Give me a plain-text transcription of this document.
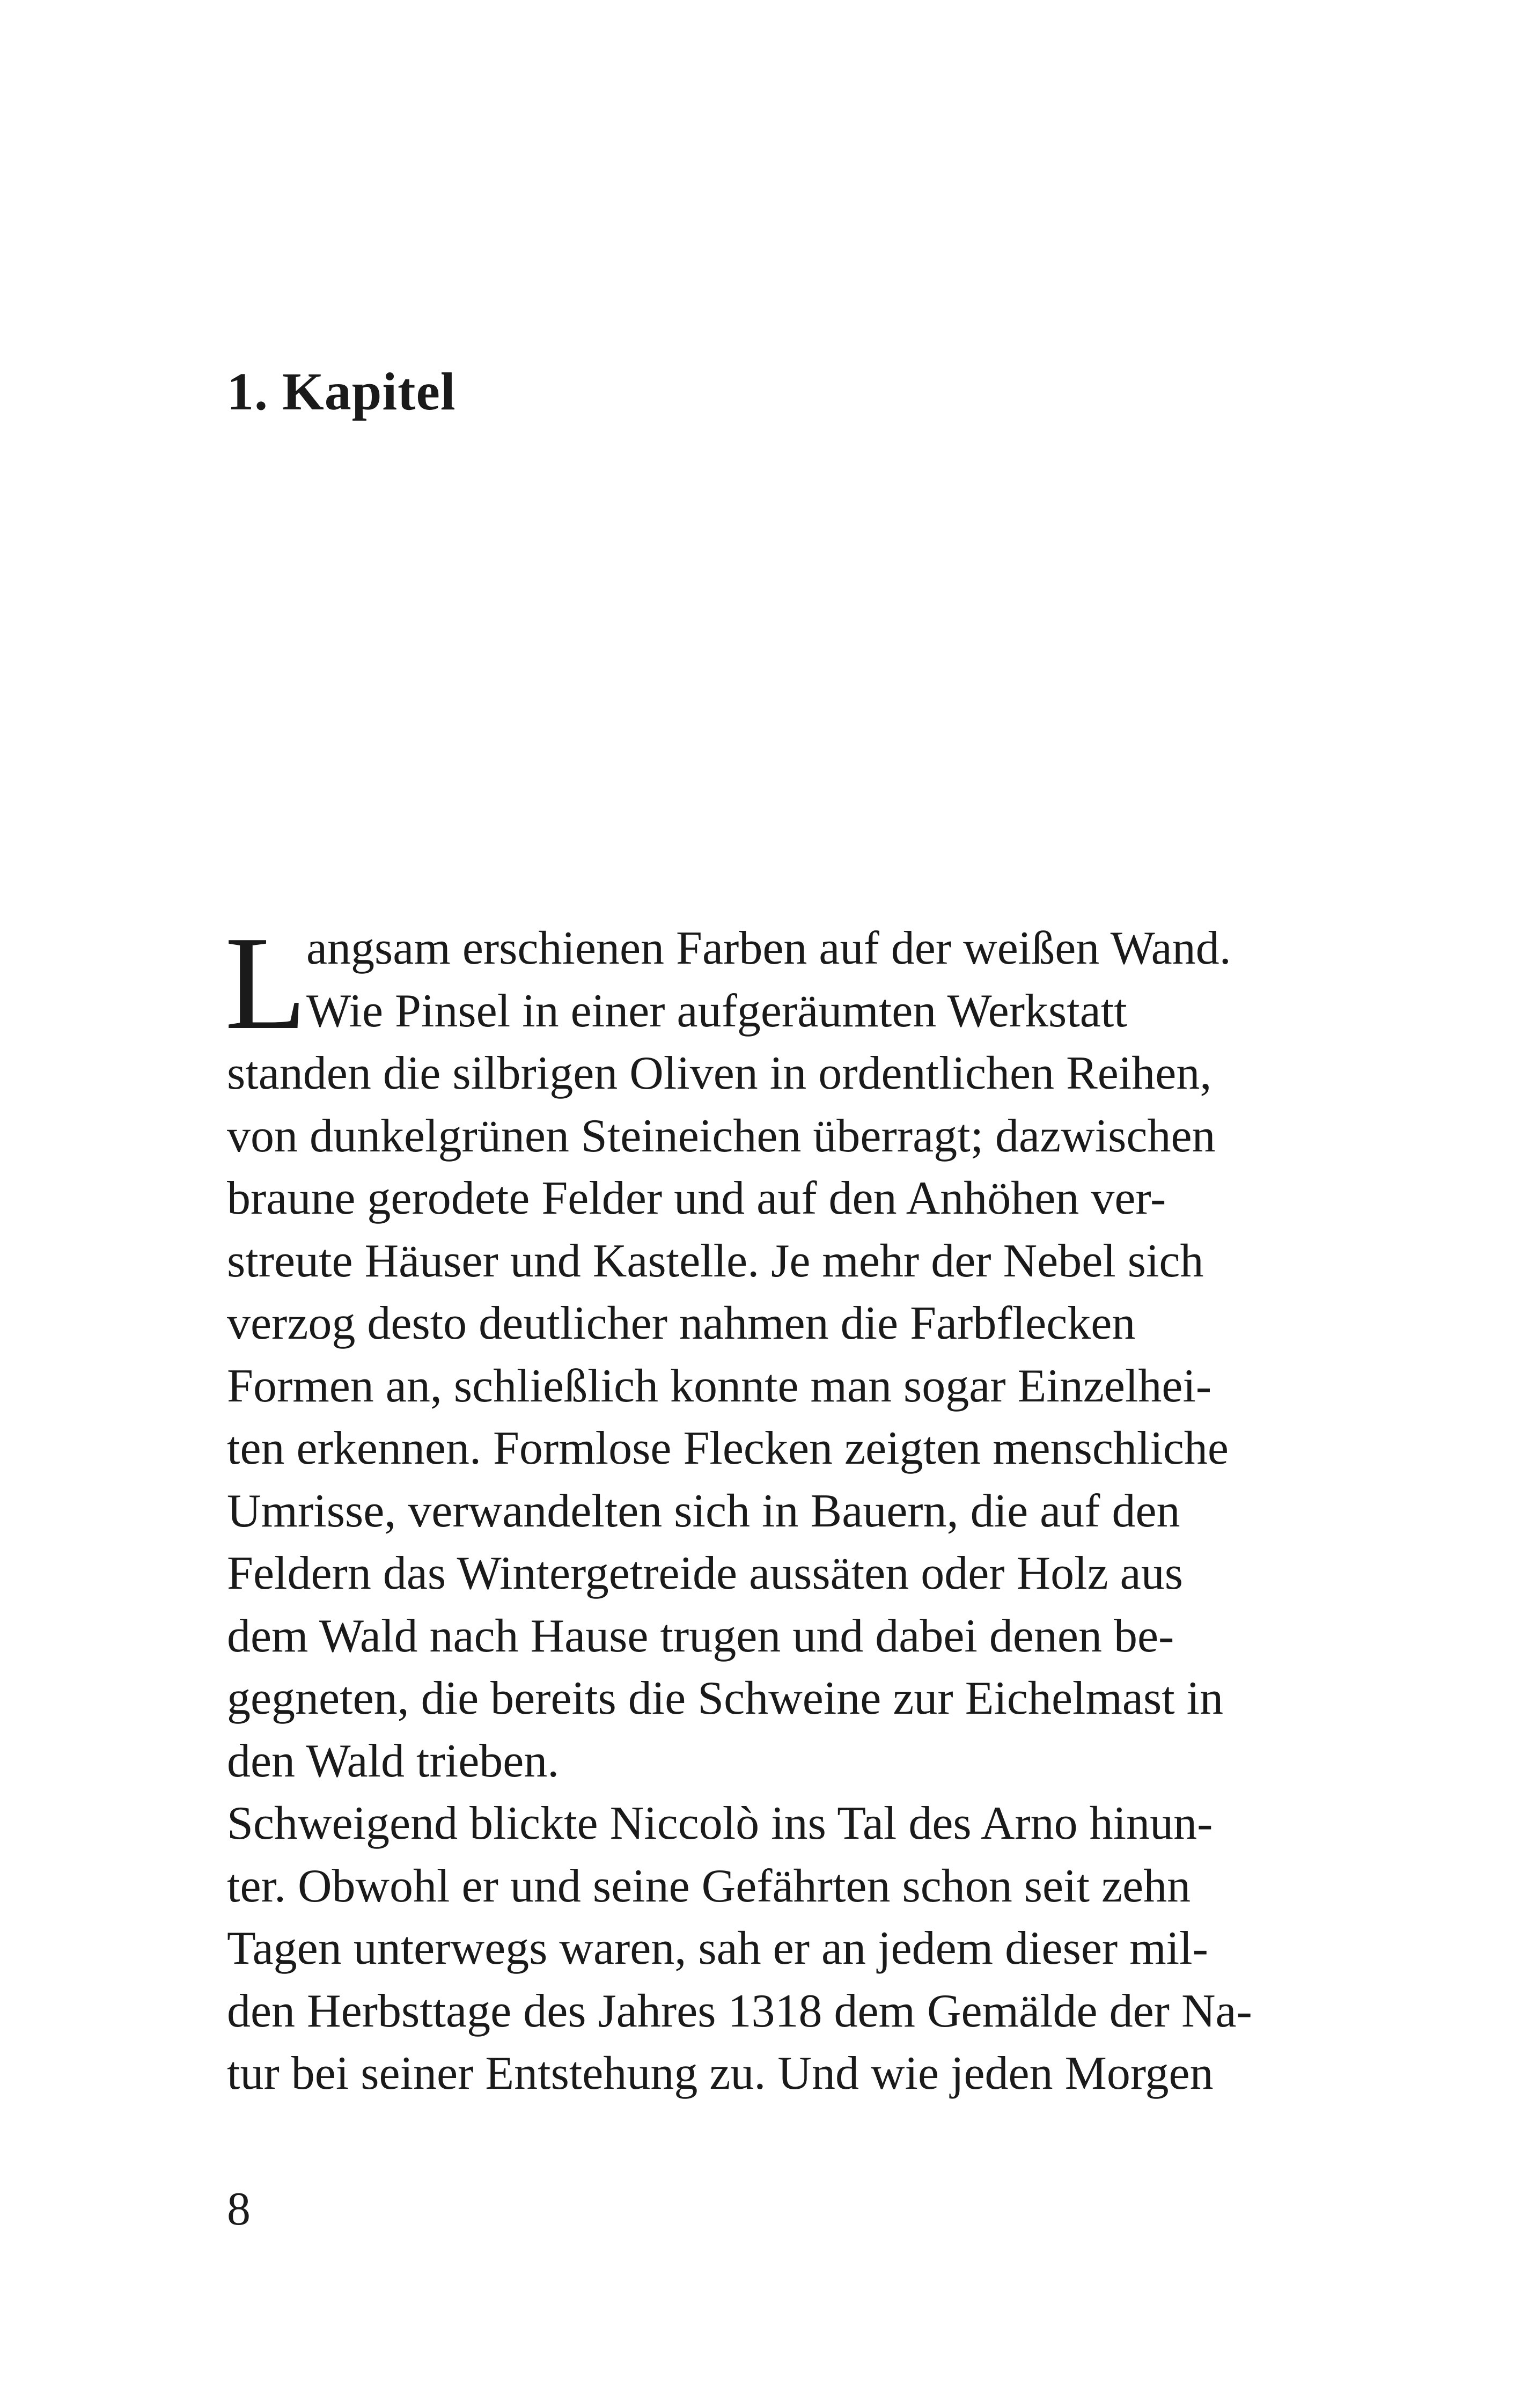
1. Kapitel
L angsam erschienen Farben auf der weißen Wand.
Wie Pinsel in einer aufgeräumten Werkstatt
standen die silbrigen Oliven in ordentlichen Reihen,
von dunkelgrünen Steineichen überragt; dazwischen
braune gerodete Felder und auf den Anhöhen ver-
streute Häuser und Kastelle. Je mehr der Nebel sich
verzog desto deutlicher nahmen die Farbflecken
Formen an, schließlich konnte man sogar Einzelhei-
ten erkennen. Formlose Flecken zeigten menschliche
Umrisse, verwandelten sich in Bauern, die auf den
Feldern das Wintergetreide aussäten oder Holz aus
dem Wald nach Hause trugen und dabei denen be-
gegneten, die bereits die Schweine zur Eichelmast in
den Wald trieben.
Schweigend blickte Niccolò ins Tal des Arno hinun-
ter. Obwohl er und seine Gefährten schon seit zehn
Tagen unterwegs waren, sah er an jedem dieser mil-
den Herbsttage des Jahres 1318 dem Gemälde der Na-
tur bei seiner Entstehung zu. Und wie jeden Morgen

8
